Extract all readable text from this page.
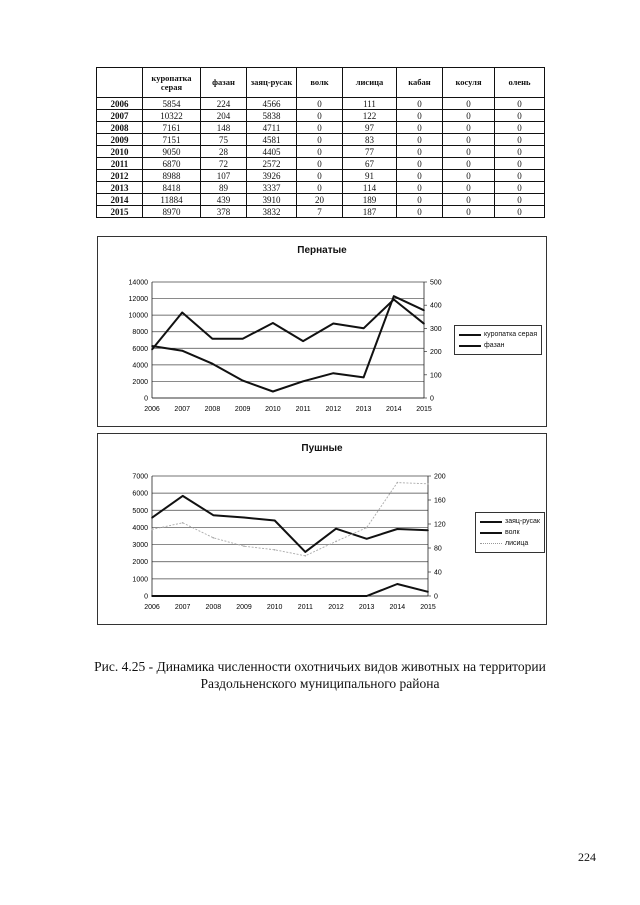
	куропатка серая	фазан	заяц-русак	волк	лисица	кабан	косуля	олень
2006	5854	224	4566	0	111	0	0	0
2007	10322	204	5838	0	122	0	0	0
2008	7161	148	4711	0	97	0	0	0
2009	7151	75	4581	0	83	0	0	0
2010	9050	28	4405	0	77	0	0	0
2011	6870	72	2572	0	67	0	0	0
2012	8988	107	3926	0	91	0	0	0
2013	8418	89	3337	0	114	0	0	0
2014	11884	439	3910	20	189	0	0	0
2015	8970	378	3832	7	187	0	0	0
Пернатые
0
2000
4000
6000
8000
10000
12000
14000
0
100
200
300
400
500
2006 2007 2008 2009 2010 2011 2012 2013 2014 2015
куропатка серая
фазан
Пушные
0
1000
2000
3000
4000
5000
6000
7000
0
40
80
120
160
200
2006 2007 2008 2009 2010 2011 2012 2013 2014 2015
заяц-русак
волк
лисица
Рис. 4.25 - Динамика численности охотничьих видов животных на территории
Раздольненского муниципального района
224
